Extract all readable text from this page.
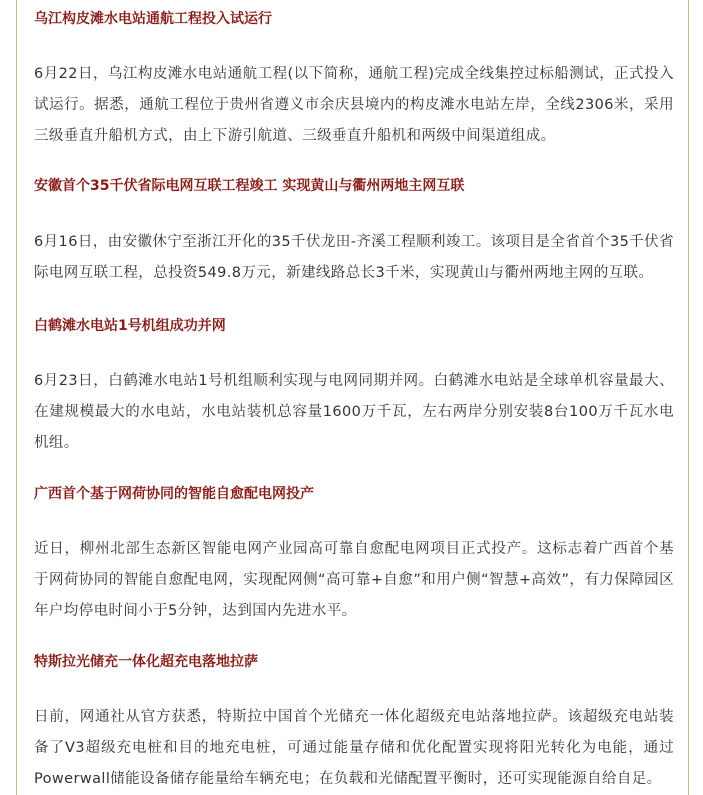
乌江构皮滩水电站通航工程投入试运行

6月22日，乌江构皮滩水电站通航工程(以下简称，通航工程)完成全线集控过标船测试，正式投入试运行。据悉，通航工程位于贵州省遵义市余庆县境内的构皮滩水电站左岸，全线2306米，采用三级垂直升船机方式，由上下游引航道、三级垂直升船机和两级中间渠道组成。

安徽首个35千伏省际电网互联工程竣工 实现黄山与衢州两地主网互联

6月16日，由安徽休宁至浙江开化的35千伏龙田-齐溪工程顺利竣工。该项目是全省首个35千伏省际电网互联工程，总投资549.8万元，新建线路总长3千米，实现黄山与衢州两地主网的互联。

白鹤滩水电站1号机组成功并网

6月23日，白鹤滩水电站1号机组顺利实现与电网同期并网。白鹤滩水电站是全球单机容量最大、在建规模最大的水电站，水电站装机总容量1600万千瓦，左右两岸分别安装8台100万千瓦水电机组。

广西首个基于网荷协同的智能自愈配电网投产

近日，柳州北部生态新区智能电网产业园高可靠自愈配电网项目正式投产。这标志着广西首个基于网荷协同的智能自愈配电网，实现配网侧“高可靠+自愈”和用户侧“智慧+高效”，有力保障园区年户均停电时间小于5分钟，达到国内先进水平。

特斯拉光储充一体化超充电落地拉萨

日前，网通社从官方获悉，特斯拉中国首个光储充一体化超级充电站落地拉萨。该超级充电站装备了V3超级充电桩和目的地充电桩，可通过能量存储和优化配置实现将阳光转化为电能，通过Powerwall储能设备储存能量给车辆充电；在负载和光储配置平衡时，还可实现能源自给自足。
